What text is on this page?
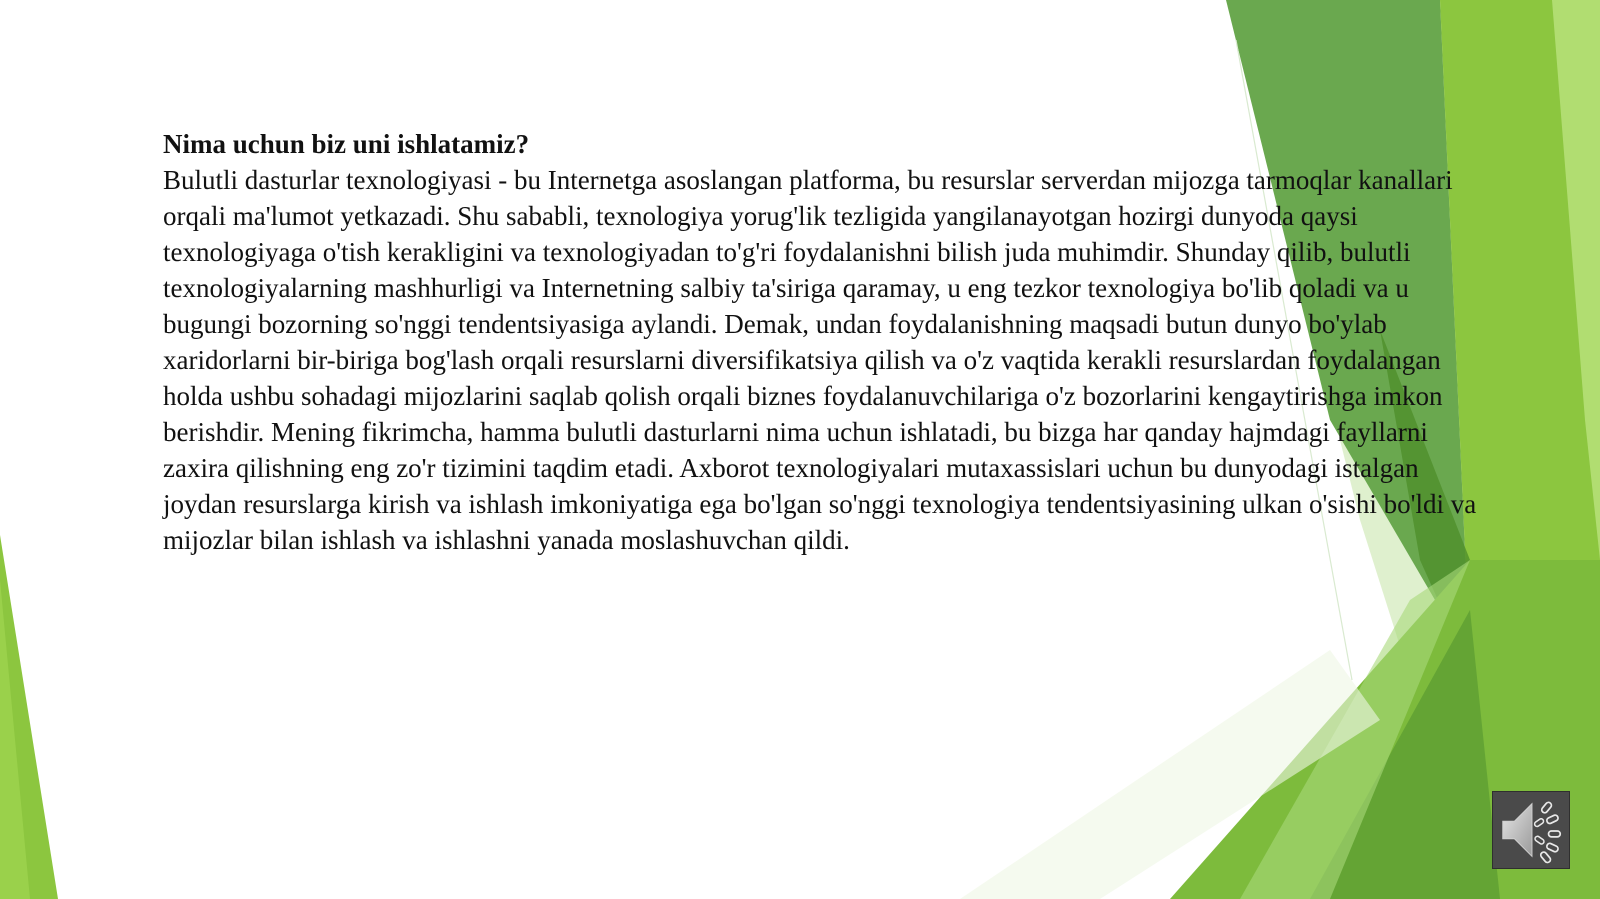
Nima uchun biz uni ishlatamiz?

Bulutli dasturlar texnologiyasi - bu Internetga asoslangan platforma, bu resurslar serverdan mijozga tarmoqlar kanallari orqali ma'lumot yetkazadi. Shu sababli, texnologiya yorug'lik tezligida yangilanayotgan hozirgi dunyoda qaysi texnologiyaga o'tish kerakligini va texnologiyadan to'g'ri foydalanishni bilish juda muhimdir. Shunday qilib, bulutli texnologiyalarning mashhurligi va Internetning salbiy ta'siriga qaramay, u eng tezkor texnologiya bo'lib qoladi va u bugungi bozorning so'nggi tendentsiyasiga aylandi. Demak, undan foydalanishning maqsadi butun dunyo bo'ylab xaridorlarni bir-biriga bog'lash orqali resurslarni diversifikatsiya qilish va o'z vaqtida kerakli resurslardan foydalangan holda ushbu sohadagi mijozlarini saqlab qolish orqali biznes foydalanuvchilariga o'z bozorlarini kengaytirishga imkon berishdir. Mening fikrimcha, hamma bulutli dasturlarni nima uchun ishlatadi, bu bizga har qanday hajmdagi fayllarni zaxira qilishning eng zo'r tizimini taqdim etadi. Axborot texnologiyalari mutaxassislari uchun bu dunyodagi istalgan joydan resurslarga kirish va ishlash imkoniyatiga ega bo'lgan so'nggi texnologiya tendentsiyasining ulkan o'sishi bo'ldi va mijozlar bilan ishlash va ishlashni yanada moslashuvchan qildi.
